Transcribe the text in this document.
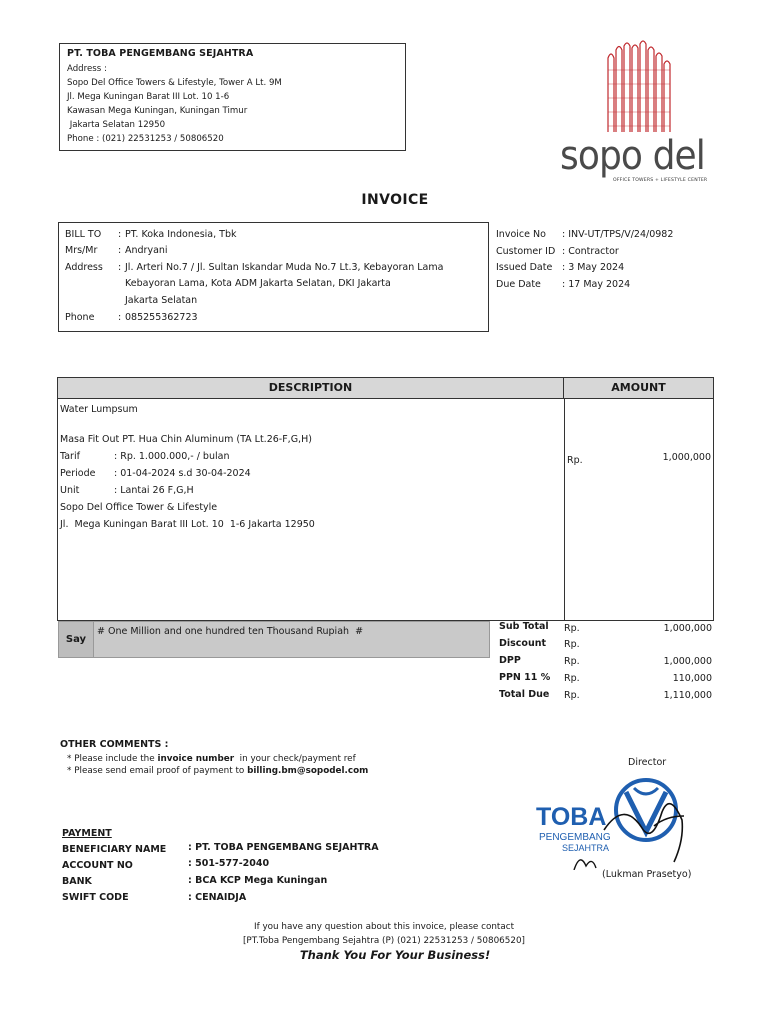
PT. TOBA PENGEMBANG SEJAHTRA
Address :
Sopo Del Office Towers & Lifestyle, Tower A Lt. 9M
Jl. Mega Kuningan Barat III Lot. 10 1-6
Kawasan Mega Kuningan, Kuningan Timur
Jakarta Selatan 12950
Phone : (021) 22531253 / 50806520	sopo del
OFFICE TOWERS + LIFESTYLE CENTER
INVOICE
BILL TO : PT. Koka Indonesia, Tbk
Mrs/Mr : Andryani
Address : Jl. Arteri No.7 / Jl. Sultan Iskandar Muda No.7 Lt.3, Kebayoran Lama
Kebayoran Lama, Kota ADM Jakarta Selatan, DKI Jakarta
Jakarta Selatan
Phone : 085255362723
Invoice No : INV-UT/TPS/V/24/0982
Customer ID : Contractor
Issued Date : 3 May 2024
Due Date : 17 May 2024
DESCRIPTION	AMOUNT
Water Lumpsum
Masa Fit Out PT. Hua Chin Aluminum (TA Lt.26-F,G,H)
Tarif	: Rp. 1.000.000,- / bulan
Periode : 01-04-2024 s.d 30-04-2024
Unit	: Lantai 26 F,G,H
Sopo Del Office Tower & Lifestyle
Jl.  Mega Kuningan Barat III Lot. 10  1-6 Jakarta 12950
Rp.	1,000,000
Say
# One Million and one hundred ten Thousand Rupiah  #	Sub Total Rp.	1,000,000
Discount Rp.
DPP	Rp.	1,000,000
PPN 11 % Rp.	110,000
Total Due Rp.	1,110,000
OTHER COMMENTS :
* Please include the invoice number  in your check/payment ref
* Please send email proof of payment to billing.bm@sopodel.com
PAYMENT
BENEFICIARY NAME : PT. TOBA PENGEMBANG SEJAHTRA
ACCOUNT NO	: 501-577-2040
BANK	: BCA KCP Mega Kuningan
SWIFT CODE	: CENAIDJA
Director
TOBA
PENGEMBANG
SEJAHTRA
(Lukman Prasetyo)
If you have any question about this invoice, please contact
[PT.Toba Pengembang Sejahtra (P) (021) 22531253 / 50806520]
Thank You For Your Business!
